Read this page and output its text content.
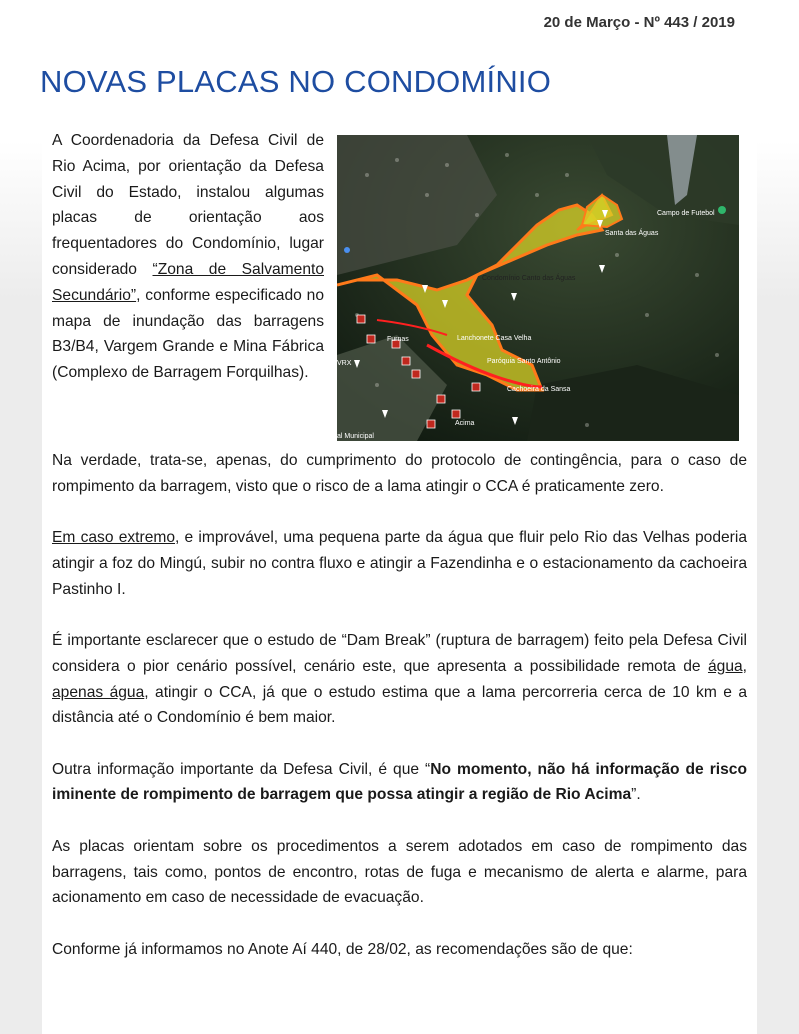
20 de Março - Nº 443 / 2019
NOVAS PLACAS NO CONDOMÍNIO

A Coordenadoria da Defesa Civil de Rio Acima, por orientação da Defesa Civil do Estado, instalou algumas placas de orientação aos frequentadores do Condomínio, lugar considerado “Zona de Salvamento Secundário”, conforme especificado no mapa de inundação das barragens B3/B4, Vargem Grande e Mina Fábrica (Complexo de Barragem Forquilhas).

Campo de Futebol
Santa das Águas
Condomínio Canto das Águas
Lanchonete Casa Velha
Paróquia Santo Antônio
Cachoeira da Sansa
al Municipal
VRX
Acima
Furnas

Na verdade, trata-se, apenas, do cumprimento do protocolo de contingência, para o caso de rompimento da barragem, visto que o risco de a lama atingir o CCA é praticamente zero.

Em caso extremo, e improvável, uma pequena parte da água que fluir pelo Rio das Velhas poderia atingir a foz do Mingú, subir no contra fluxo e atingir a Fazendinha e o estacionamento da cachoeira Pastinho I.

É importante esclarecer que o estudo de “Dam Break” (ruptura de barragem) feito pela Defesa Civil considera o pior cenário possível, cenário este, que apresenta a possibilidade remota de água, apenas água, atingir o CCA, já que o estudo estima que a lama percorreria cerca de 10 km e a distância até o Condomínio é bem maior.

Outra informação importante da Defesa Civil, é que “No momento, não há informação de risco iminente de rompimento de barragem que possa atingir a região de Rio Acima”.

As placas orientam sobre os procedimentos a serem adotados em caso de rompimento das barragens, tais como, pontos de encontro, rotas de fuga e mecanismo de alerta e alarme, para acionamento em caso de necessidade de evacuação.

Conforme já informamos no Anote Aí 440, de 28/02, as recomendações são de que:
